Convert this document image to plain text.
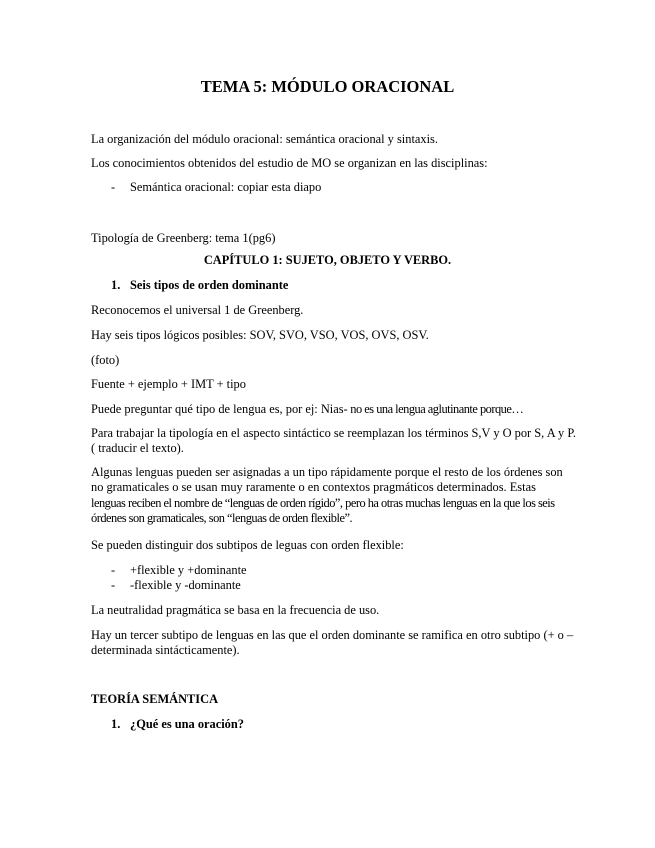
TEMA 5: MÓDULO ORACIONAL
La organización del módulo oracional: semántica oracional y sintaxis.
Los conocimientos obtenidos del estudio de MO se organizan en las disciplinas:
- Semántica oracional: copiar esta diapo
Tipología de Greenberg: tema 1(pg6)
CAPÍTULO 1: SUJETO, OBJETO Y VERBO.
1. Seis tipos de orden dominante
Reconocemos el universal 1 de Greenberg.
Hay seis tipos lógicos posibles: SOV, SVO, VSO, VOS, OVS, OSV.
(foto)
Fuente + ejemplo + IMT + tipo
Puede preguntar qué tipo de lengua es, por ej: Nias- no es una lengua aglutinante porque…
Para trabajar la tipología en el aspecto sintáctico se reemplazan los términos S,V y O por S, A y P. ( traducir el texto).
Algunas lenguas pueden ser asignadas a un tipo rápidamente porque el resto de los órdenes son no gramaticales o se usan muy raramente o en contextos pragmáticos determinados. Estas
lenguas reciben el nombre de “lenguas de orden rígido”, pero ha otras muchas lenguas en la que los seis órdenes son gramaticales, son “lenguas de orden flexible”.
Se pueden distinguir dos subtipos de leguas con orden flexible:
- +flexible y +dominante
- -flexible y -dominante
La neutralidad pragmática se basa en la frecuencia de uso.
Hay un tercer subtipo de lenguas en las que el orden dominante se ramifica en otro subtipo (+ o – determinada sintácticamente).
TEORÍA SEMÁNTICA
1. ¿Qué es una oración?
